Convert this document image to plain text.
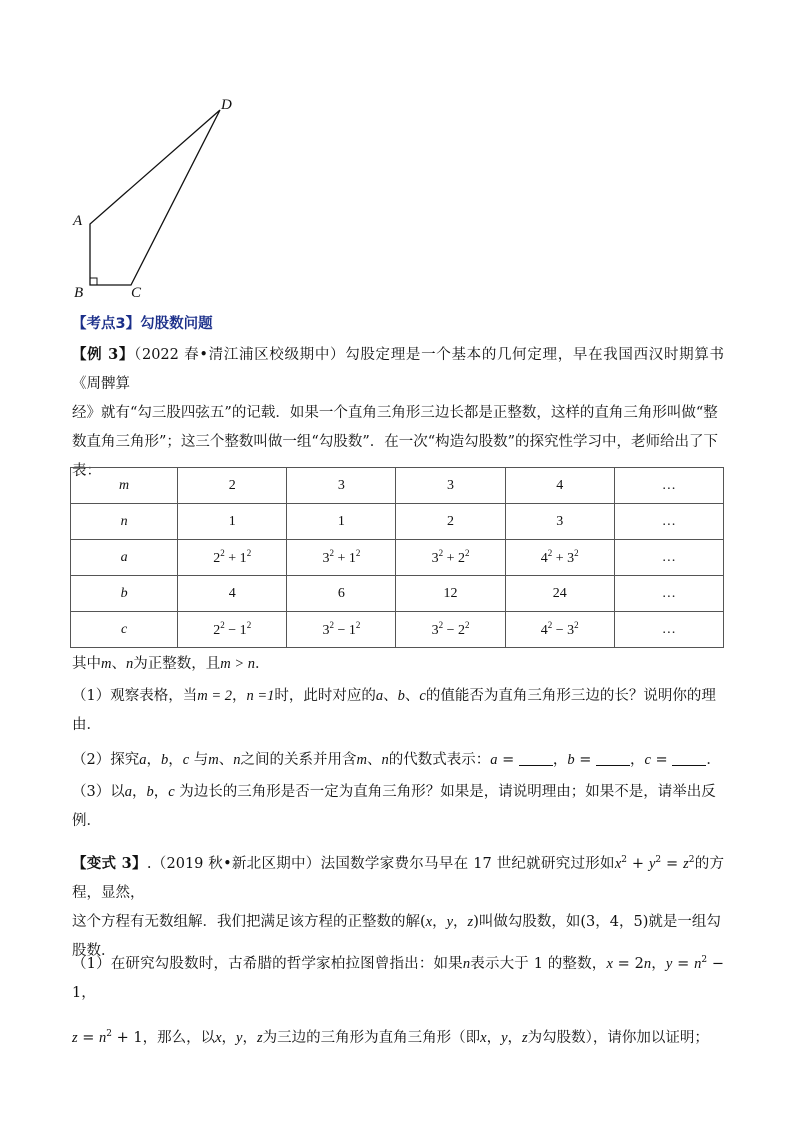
D
A
B	C
【考点3】勾股数问题
【例 3】（2022 春•清江浦区校级期中）勾股定理是一个基本的几何定理，早在我国西汉时期算书《周髀算
经》就有“勾三股四弦五”的记载．如果一个直角三角形三边长都是正整数，这样的直角三角形叫做“整
数直角三角形”；这三个整数叫做一组“勾股数”．在一次“构造勾股数”的探究性学习中，老师给出了下
表：
m	2	3	3	4	…
n	1	1	2	3	…
a	$2^2 + 1^2$	$3^2 + 1^2$	$3^2 + 2^2$	$4^2 + 3^2$	…
b	4	6	12	24	…
c	$2^2 - 1^2$	$3^2 - 1^2$	$3^2 - 2^2$	$4^2 - 3^2$	…
其中m、n为正整数，且m > n．
（1）观察表格，当m = 2，n =1时，此时对应的a、b、c的值能否为直角三角形三边的长？说明你的理
由．
（2）探究a，b，c 与m、n之间的关系并用含m、n的代数式表示：a = ，b = ，c = ．
（3）以a，b，c 为边长的三角形是否一定为直角三角形？如果是，请说明理由；如果不是，请举出反
例．
【变式 3】.（2019 秋•新北区期中）法国数学家费尔马早在 17 世纪就研究过形如$x^2 + y^2 = z^2$的方程，显然，
这个方程有无数组解．我们把满足该方程的正整数的解(x，y，z)叫做勾股数，如(3，4，5)就是一组勾
股数．
（1）在研究勾股数时，古希腊的哲学家柏拉图曾指出：如果n表示大于 1 的整数，x = 2n，$y = n^2 - 1$，
$z = n^2 + 1$，那么，以x，y，z为三边的三角形为直角三角形（即x，y，z为勾股数），请你加以证明；
